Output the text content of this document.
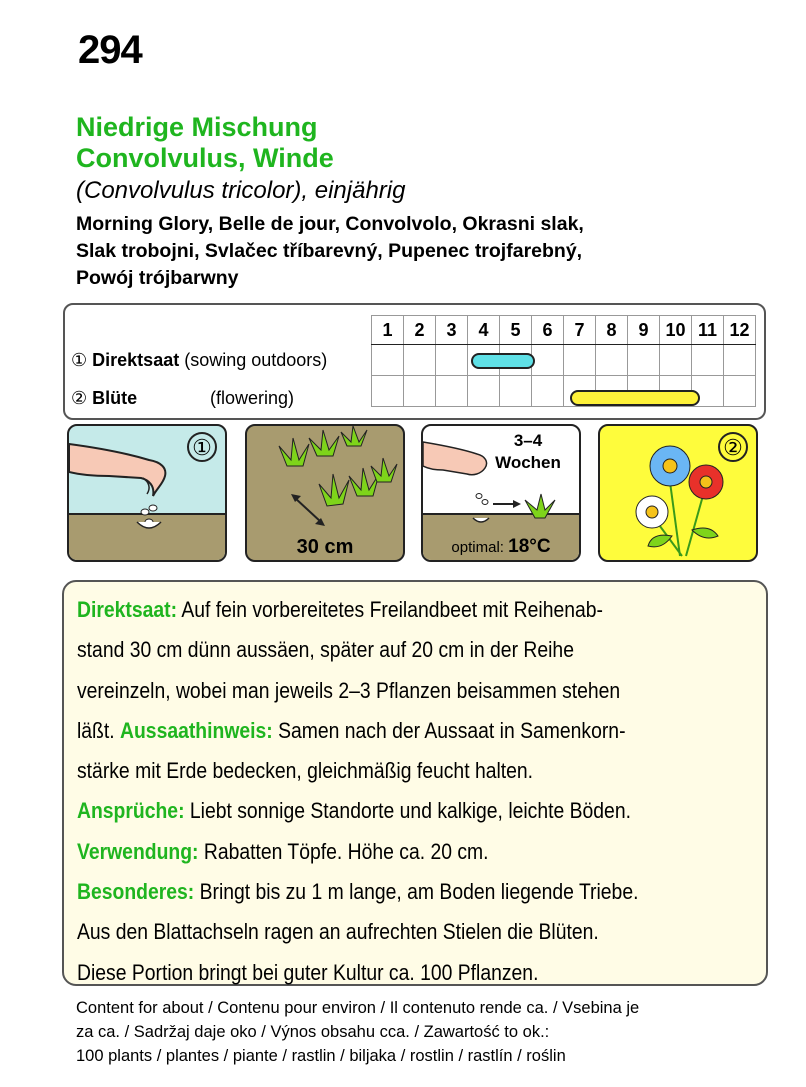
294
Niedrige Mischung
Convolvulus, Winde
(Convolvulus tricolor), einjährig
Morning Glory, Belle de jour, Convolvolo, Okrasni slak,
Slak trobojni, Svlačec tříbarevný, Pupenec trojfarebný,
Powój trójbarwny
1	2	3	4	5	6	7	8	9	10	11	12

① Direktsaat (sowing outdoors)
② Blüte	(flowering)
①
30 cm
3–4
Wochen
optimal: 18°C
②
Direktsaat: Auf fein vorbereitetes Freilandbeet mit Reihenab-
stand 30 cm dünn aussäen, später auf 20 cm in der Reihe
vereinzeln, wobei man jeweils 2–3 Pflanzen beisammen stehen
läßt. Aussaathinweis: Samen nach der Aussaat in Samenkorn-
stärke mit Erde bedecken, gleichmäßig feucht halten.
Ansprüche: Liebt sonnige Standorte und kalkige, leichte Böden.
Verwendung: Rabatten Töpfe. Höhe ca. 20 cm.
Besonderes: Bringt bis zu 1 m lange, am Boden liegende Triebe.
Aus den Blattachseln ragen an aufrechten Stielen die Blüten.
Diese Portion bringt bei guter Kultur ca. 100 Pflanzen.
Content for about / Contenu pour environ / Il contenuto rende ca. / Vsebina je
za ca. / Sadržaj daje oko / Výnos obsahu cca. / Zawartość to ok.:
100 plants / plantes / piante / rastlin / biljaka / rostlin / rastlín / roślin
